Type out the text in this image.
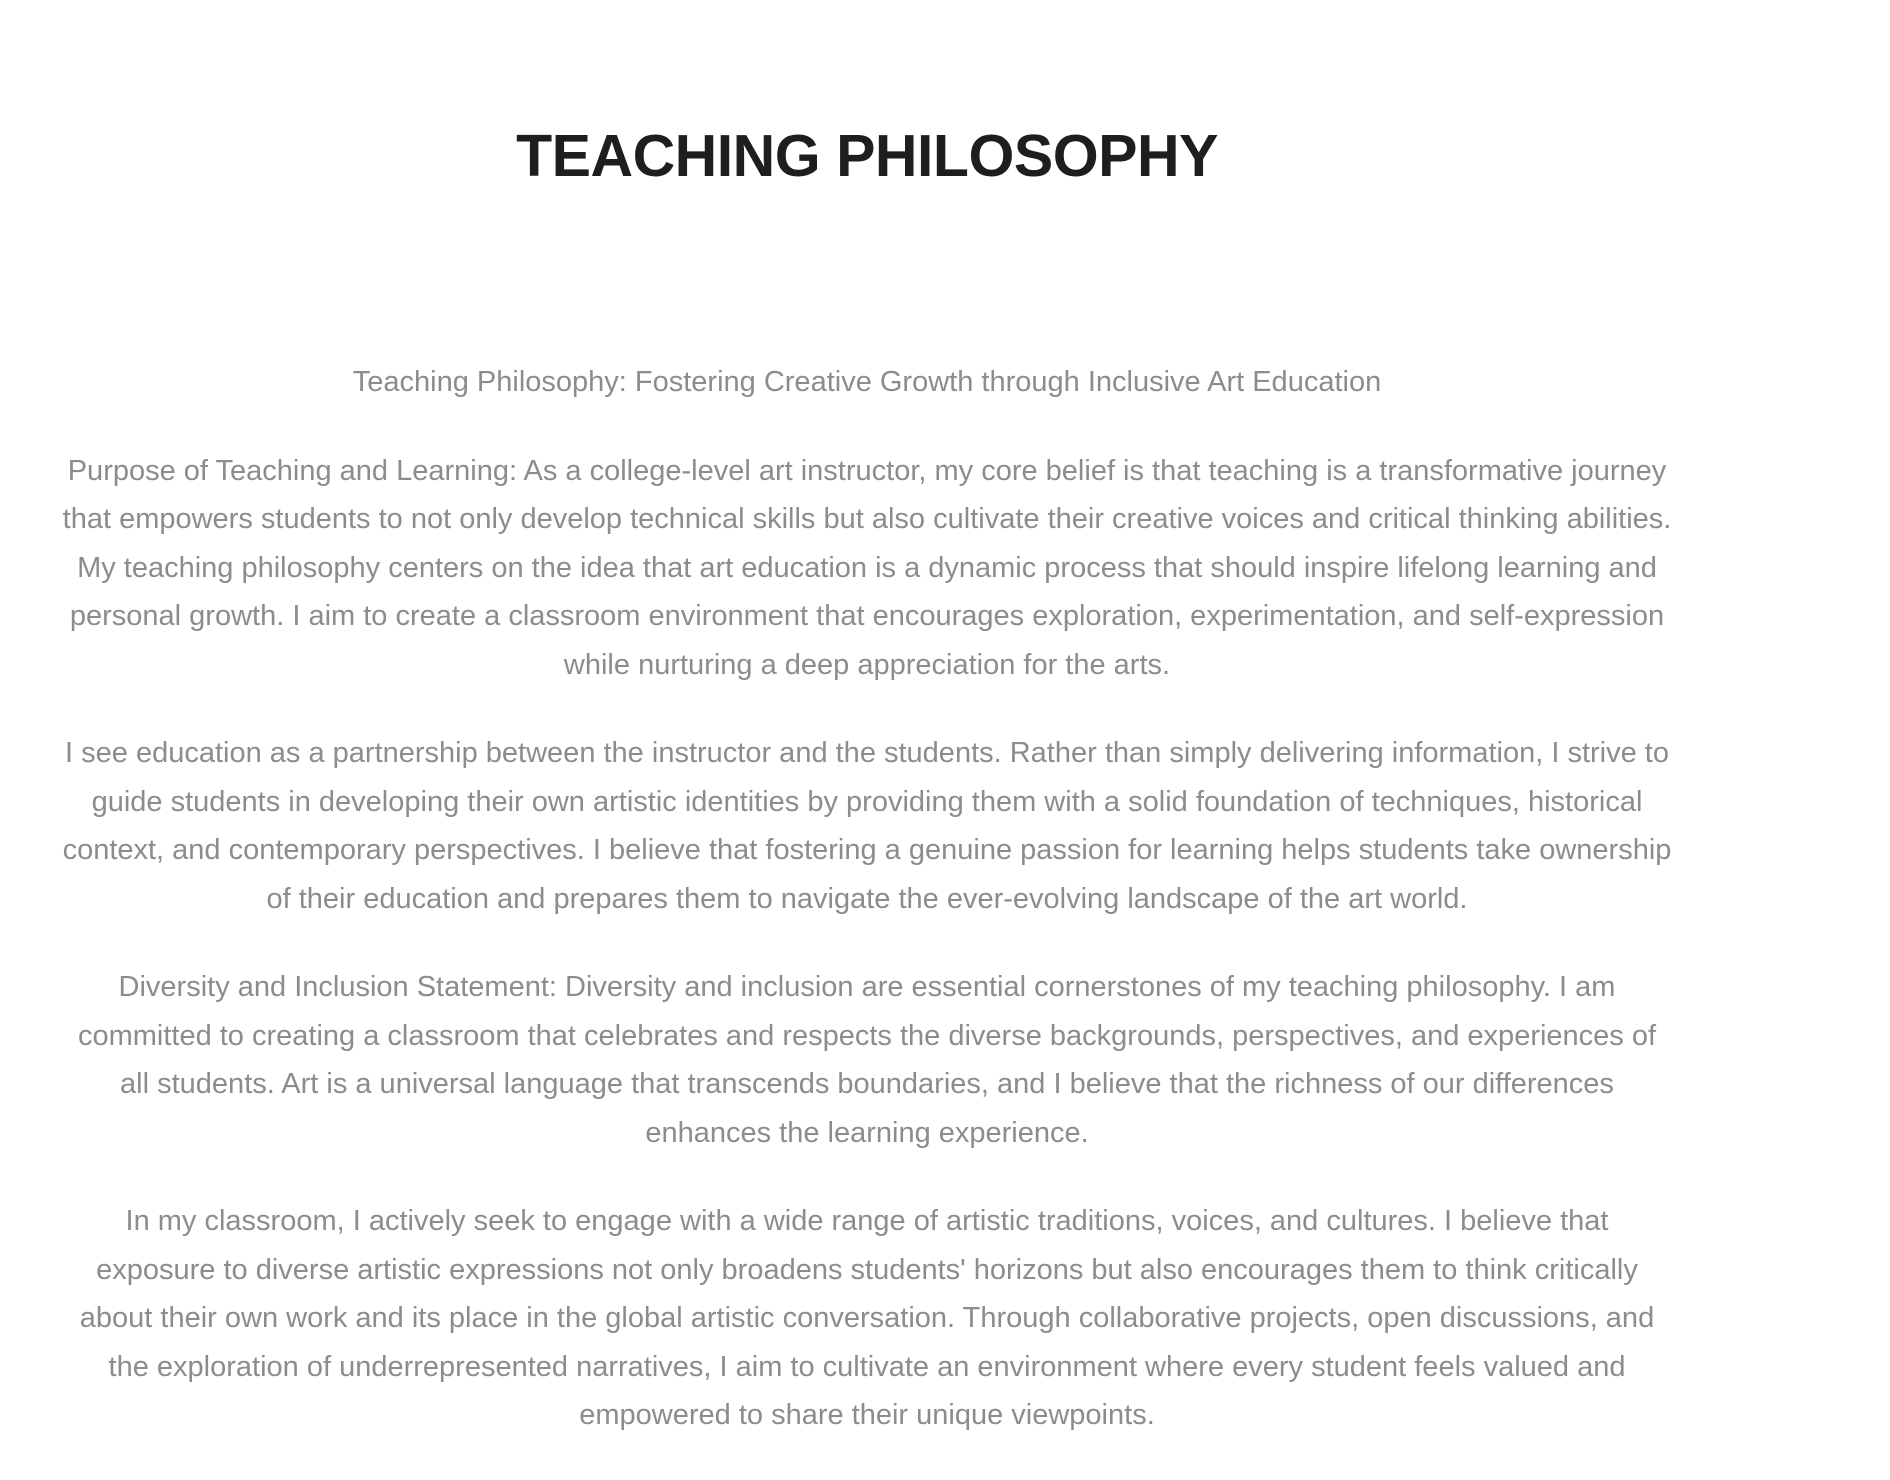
TEACHING PHILOSOPHY

Teaching Philosophy: Fostering Creative Growth through Inclusive Art Education

Purpose of Teaching and Learning: As a college-level art instructor, my core belief is that teaching is a transformative journey that empowers students to not only develop technical skills but also cultivate their creative voices and critical thinking abilities. My teaching philosophy centers on the idea that art education is a dynamic process that should inspire lifelong learning and personal growth. I aim to create a classroom environment that encourages exploration, experimentation, and self-expression while nurturing a deep appreciation for the arts.

I see education as a partnership between the instructor and the students. Rather than simply delivering information, I strive to guide students in developing their own artistic identities by providing them with a solid foundation of techniques, historical context, and contemporary perspectives. I believe that fostering a genuine passion for learning helps students take ownership of their education and prepares them to navigate the ever-evolving landscape of the art world.

Diversity and Inclusion Statement: Diversity and inclusion are essential cornerstones of my teaching philosophy. I am committed to creating a classroom that celebrates and respects the diverse backgrounds, perspectives, and experiences of all students. Art is a universal language that transcends boundaries, and I believe that the richness of our differences enhances the learning experience.

In my classroom, I actively seek to engage with a wide range of artistic traditions, voices, and cultures. I believe that exposure to diverse artistic expressions not only broadens students' horizons but also encourages them to think critically about their own work and its place in the global artistic conversation. Through collaborative projects, open discussions, and the exploration of underrepresented narratives, I aim to cultivate an environment where every student feels valued and empowered to share their unique viewpoints.
